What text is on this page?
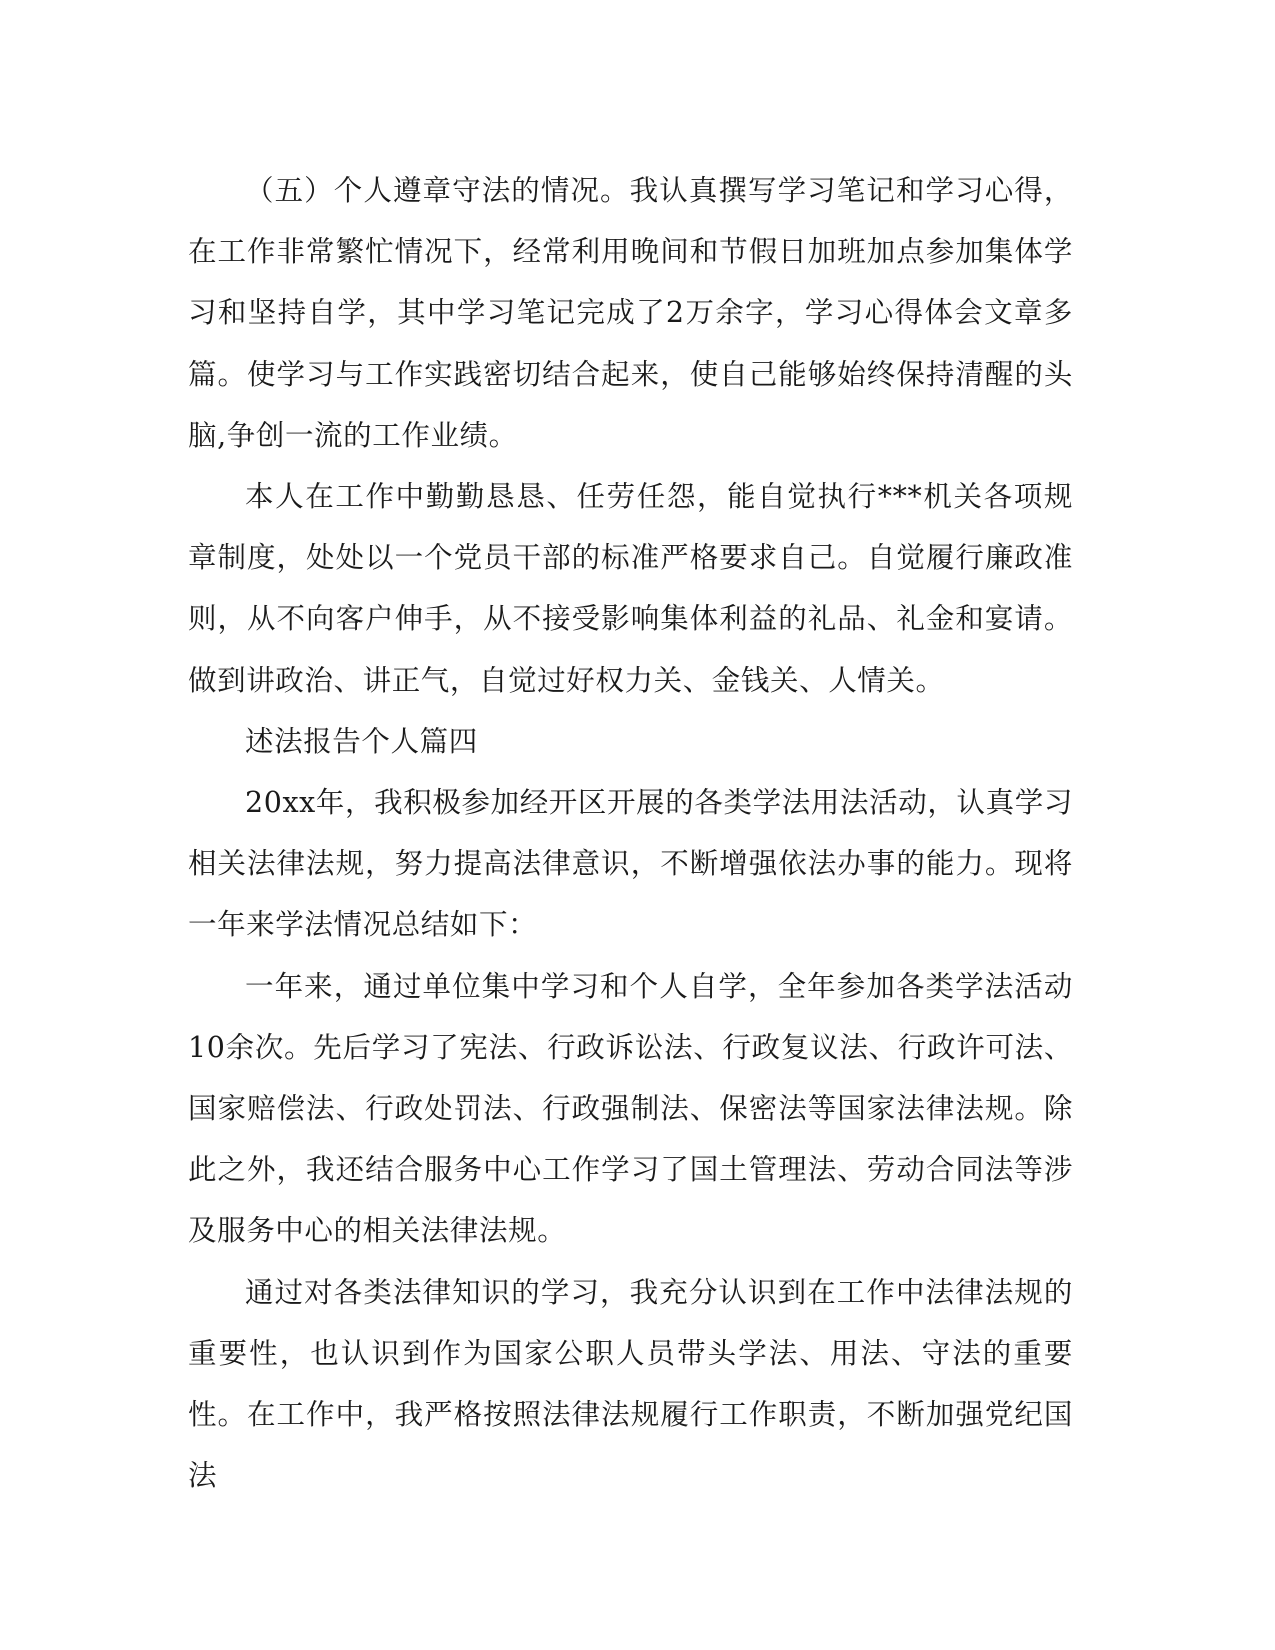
（五）个人遵章守法的情况。我认真撰写学习笔记和学习心得，在工作非常繁忙情况下，经常利用晚间和节假日加班加点参加集体学习和坚持自学，其中学习笔记完成了2万余字，学习心得体会文章多篇。使学习与工作实践密切结合起来，使自己能够始终保持清醒的头脑,争创一流的工作业绩。

本人在工作中勤勤恳恳、任劳任怨，能自觉执行***机关各项规章制度，处处以一个党员干部的标准严格要求自己。自觉履行廉政准则，从不向客户伸手，从不接受影响集体利益的礼品、礼金和宴请。做到讲政治、讲正气，自觉过好权力关、金钱关、人情关。

述法报告个人篇四

20xx年，我积极参加经开区开展的各类学法用法活动，认真学习相关法律法规，努力提高法律意识，不断增强依法办事的能力。现将一年来学法情况总结如下：

一年来，通过单位集中学习和个人自学，全年参加各类学法活动10余次。先后学习了宪法、行政诉讼法、行政复议法、行政许可法、国家赔偿法、行政处罚法、行政强制法、保密法等国家法律法规。除此之外，我还结合服务中心工作学习了国土管理法、劳动合同法等涉及服务中心的相关法律法规。

通过对各类法律知识的学习，我充分认识到在工作中法律法规的重要性，也认识到作为国家公职人员带头学法、用法、守法的重要性。在工作中，我严格按照法律法规履行工作职责，不断加强党纪国法
